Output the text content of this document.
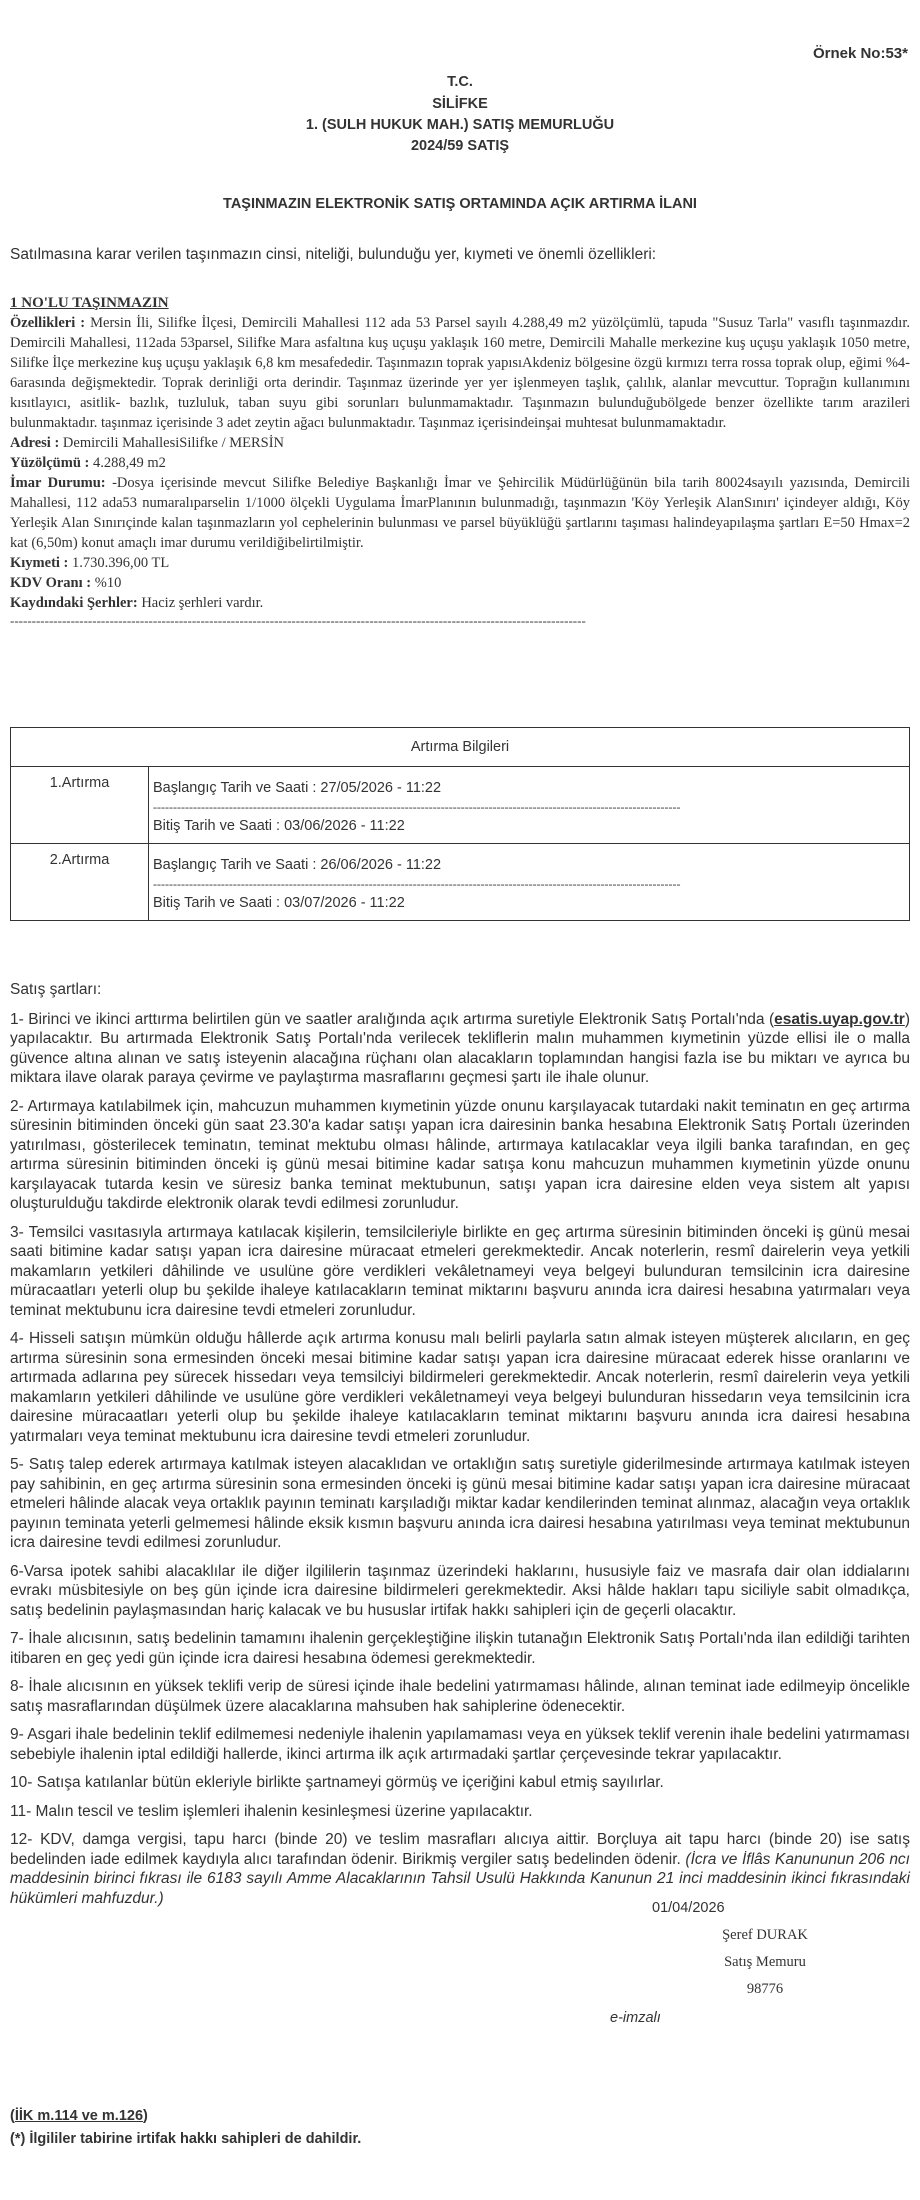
Örnek No:53*
T.C.
SİLİFKE
1. (SULH HUKUK MAH.) SATIŞ MEMURLUĞU
2024/59 SATIŞ
TAŞINMAZIN ELEKTRONİK SATIŞ ORTAMINDA AÇIK ARTIRMA İLANI
Satılmasına karar verilen taşınmazın cinsi, niteliği, bulunduğu yer, kıymeti ve önemli özellikleri:
1 NO'LU TAŞINMAZIN
Özellikleri : Mersin İli, Silifke İlçesi, Demircili Mahallesi 112 ada 53 Parsel sayılı 4.288,49 m2 yüzölçümlü, tapuda "Susuz Tarla" vasıflı taşınmazdır. Demircili Mahallesi, 112ada 53parsel, Silifke Mara asfaltına kuş uçuşu yaklaşık 160 metre, Demircili Mahalle merkezine kuş uçuşu yaklaşık 1050 metre, Silifke İlçe merkezine kuş uçuşu yaklaşık 6,8 km mesafededir. Taşınmazın toprak yapısıAkdeniz bölgesine özgü kırmızı terra rossa toprak olup, eğimi %4-6arasında değişmektedir. Toprak derinliği orta derindir. Taşınmaz üzerinde yer yer işlenmeyen taşlık, çalılık, alanlar mevcuttur. Toprağın kullanımını kısıtlayıcı, asitlik- bazlık, tuzluluk, taban suyu gibi sorunları bulunmamaktadır. Taşınmazın bulunduğubölgede benzer özellikte tarım arazileri bulunmaktadır. taşınmaz içerisinde 3 adet zeytin ağacı bulunmaktadır. Taşınmaz içerisindeinşai muhtesat bulunmamaktadır.
Adresi : Demircili MahallesiSilifke / MERSİN
Yüzölçümü : 4.288,49 m2
İmar Durumu: -Dosya içerisinde mevcut Silifke Belediye Başkanlığı İmar ve Şehircilik Müdürlüğünün bila tarih 80024sayılı yazısında, Demircili Mahallesi, 112 ada53 numaralıparselin 1/1000 ölçekli Uygulama İmarPlanının bulunmadığı, taşınmazın 'Köy Yerleşik AlanSınırı' içindeyer aldığı, Köy Yerleşik Alan Sınırıçinde kalan taşınmazların yol cephelerinin bulunması ve parsel büyüklüğü şartlarını taşıması halindeyapılaşma şartları E=50 Hmax=2 kat (6,50m) konut amaçlı imar durumu verildiğibelirtilmiştir.
Kıymeti : 1.730.396,00 TL
KDV Oranı : %10
Kaydındaki Şerhler: Haciz şerhleri vardır.
-------------------------------------------------------------------------------------------------------------------------------------
Artırma Bilgileri	
1.Artırma	Başlangıç Tarih ve Saati : 27/05/2026 - 11:22
------------------------------------------------------------------------------------------------------------------------------------
Bitiş Tarih ve Saati : 03/06/2026 - 11:22

2.Artırma	Başlangıç Tarih ve Saati : 26/06/2026 - 11:22
------------------------------------------------------------------------------------------------------------------------------------
Bitiş Tarih ve Saati : 03/07/2026 - 11:22
Satış şartları:
1- Birinci ve ikinci arttırma belirtilen gün ve saatler aralığında açık artırma suretiyle Elektronik Satış Portalı'nda (esatis.uyap.gov.tr) yapılacaktır. Bu artırmada Elektronik Satış Portalı'nda verilecek tekliflerin malın muhammen kıymetinin yüzde ellisi ile o malla güvence altına alınan ve satış isteyenin alacağına rüçhanı olan alacakların toplamından hangisi fazla ise bu miktarı ve ayrıca bu miktara ilave olarak paraya çevirme ve paylaştırma masraflarını geçmesi şartı ile ihale olunur.
2- Artırmaya katılabilmek için, mahcuzun muhammen kıymetinin yüzde onunu karşılayacak tutardaki nakit teminatın en geç artırma süresinin bitiminden önceki gün saat 23.30'a kadar satışı yapan icra dairesinin banka hesabına Elektronik Satış Portalı üzerinden yatırılması, gösterilecek teminatın, teminat mektubu olması hâlinde, artırmaya katılacaklar veya ilgili banka tarafından, en geç artırma süresinin bitiminden önceki iş günü mesai bitimine kadar satışa konu mahcuzun muhammen kıymetinin yüzde onunu karşılayacak tutarda kesin ve süresiz banka teminat mektubunun, satışı yapan icra dairesine elden veya sistem alt yapısı oluşturulduğu takdirde elektronik olarak tevdi edilmesi zorunludur.
3- Temsilci vasıtasıyla artırmaya katılacak kişilerin, temsilcileriyle birlikte en geç artırma süresinin bitiminden önceki iş günü mesai saati bitimine kadar satışı yapan icra dairesine müracaat etmeleri gerekmektedir. Ancak noterlerin, resmî dairelerin veya yetkili makamların yetkileri dâhilinde ve usulüne göre verdikleri vekâletnameyi veya belgeyi bulunduran temsilcinin icra dairesine müracaatları yeterli olup bu şekilde ihaleye katılacakların teminat miktarını başvuru anında icra dairesi hesabına yatırmaları veya teminat mektubunu icra dairesine tevdi etmeleri zorunludur.
4- Hisseli satışın mümkün olduğu hâllerde açık artırma konusu malı belirli paylarla satın almak isteyen müşterek alıcıların, en geç artırma süresinin sona ermesinden önceki mesai bitimine kadar satışı yapan icra dairesine müracaat ederek hisse oranlarını ve artırmada adlarına pey sürecek hissedarı veya temsilciyi bildirmeleri gerekmektedir. Ancak noterlerin, resmî dairelerin veya yetkili makamların yetkileri dâhilinde ve usulüne göre verdikleri vekâletnameyi veya belgeyi bulunduran hissedarın veya temsilcinin icra dairesine müracaatları yeterli olup bu şekilde ihaleye katılacakların teminat miktarını başvuru anında icra dairesi hesabına yatırmaları veya teminat mektubunu icra dairesine tevdi etmeleri zorunludur.
5- Satış talep ederek artırmaya katılmak isteyen alacaklıdan ve ortaklığın satış suretiyle giderilmesinde artırmaya katılmak isteyen pay sahibinin, en geç artırma süresinin sona ermesinden önceki iş günü mesai bitimine kadar satışı yapan icra dairesine müracaat etmeleri hâlinde alacak veya ortaklık payının teminatı karşıladığı miktar kadar kendilerinden teminat alınmaz, alacağın veya ortaklık payının teminata yeterli gelmemesi hâlinde eksik kısmın başvuru anında icra dairesi hesabına yatırılması veya teminat mektubunun icra dairesine tevdi edilmesi zorunludur.
6-Varsa ipotek sahibi alacaklılar ile diğer ilgililerin taşınmaz üzerindeki haklarını, hususiyle faiz ve masrafa dair olan iddialarını evrakı müsbitesiyle on beş gün içinde icra dairesine bildirmeleri gerekmektedir. Aksi hâlde hakları tapu siciliyle sabit olmadıkça, satış bedelinin paylaşmasından hariç kalacak ve bu hususlar irtifak hakkı sahipleri için de geçerli olacaktır.
7- İhale alıcısının, satış bedelinin tamamını ihalenin gerçekleştiğine ilişkin tutanağın Elektronik Satış Portalı'nda ilan edildiği tarihten itibaren en geç yedi gün içinde icra dairesi hesabına ödemesi gerekmektedir.
8- İhale alıcısının en yüksek teklifi verip de süresi içinde ihale bedelini yatırmaması hâlinde, alınan teminat iade edilmeyip öncelikle satış masraflarından düşülmek üzere alacaklarına mahsuben hak sahiplerine ödenecektir.
9- Asgari ihale bedelinin teklif edilmemesi nedeniyle ihalenin yapılamaması veya en yüksek teklif verenin ihale bedelini yatırmaması sebebiyle ihalenin iptal edildiği hallerde, ikinci artırma ilk açık artırmadaki şartlar çerçevesinde tekrar yapılacaktır.
10- Satışa katılanlar bütün ekleriyle birlikte şartnameyi görmüş ve içeriğini kabul etmiş sayılırlar.
11- Malın tescil ve teslim işlemleri ihalenin kesinleşmesi üzerine yapılacaktır.
12- KDV, damga vergisi, tapu harcı (binde 20) ve teslim masrafları alıcıya aittir. Borçluya ait tapu harcı (binde 20) ise satış bedelinden iade edilmek kaydıyla alıcı tarafından ödenir. Birikmiş vergiler satış bedelinden ödenir. (İcra ve İflâs Kanununun 206 ncı maddesinin birinci fıkrası ile 6183 sayılı Amme Alacaklarının Tahsil Usulü Hakkında Kanunun 21 inci maddesinin ikinci fıkrasındaki hükümleri mahfuzdur.)
01/04/2026
Şeref DURAK
Satış Memuru
98776
e-imzalı
(İİK m.114 ve m.126)
(*) İlgililer tabirine irtifak hakkı sahipleri de dahildir.
